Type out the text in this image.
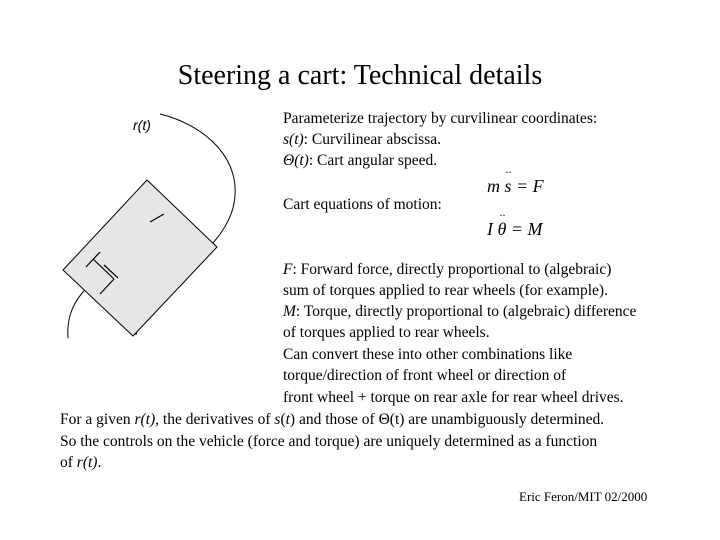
Steering a cart: Technical details
r(t)	Parameterize trajectory by curvilinear coordinates:
s(t): Curvilinear abscissa.
Θ(t): Cart angular speed.
Cart equations of motion:
m s = F
··
I θ = M
··
F: Forward force, directly proportional to (algebraic)
sum of torques applied to rear wheels (for example).
M: Torque, directly proportional to (algebraic) difference
of torques applied to rear wheels.
Can convert these into other combinations like
torque/direction of front wheel or direction of
front wheel + torque on rear axle for rear wheel drives.
For a given r(t), the derivatives of s(t) and those of Θ(t) are unambiguously determined.
So the controls on the vehicle (force and torque) are uniquely determined as a function
of r(t).
Eric Feron/MIT 02/2000
